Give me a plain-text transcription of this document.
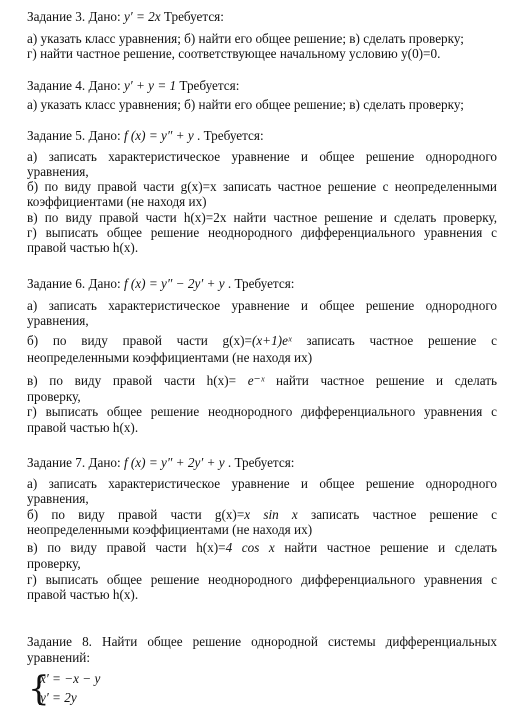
Задание 3. Дано: y′ = 2x Требуется:
а) указать класс уравнения; б) найти его общее решение; в) сделать проверку;
г) найти частное решение, соответствующее начальному условию y(0)=0.
Задание 4. Дано: y′ + y = 1 Требуется:
а) указать класс уравнения; б) найти его общее решение; в) сделать проверку;
Задание 5. Дано: f (x) = y″ + y . Требуется:
а) записать характеристическое уравнение и общее решение однородного
уравнения,
б) по виду правой части g(x)=x записать частное решение с неопределенными
коэффициентами (не находя их)
в) по виду правой части h(x)=2x найти частное решение и сделать проверку,
г) выписать общее решение неоднородного дифференциального уравнения с
правой частью h(x).
Задание 6. Дано: f (x) = y″ − 2y′ + y . Требуется:
а) записать характеристическое уравнение и общее решение однородного
уравнения,
б) по виду правой части g(x)=(x+1)eˣ записать частное решение с
неопределенными коэффициентами (не находя их)
в) по виду правой части h(x)= e⁻ˣ найти частное решение и сделать
проверку,
г) выписать общее решение неоднородного дифференциального уравнения с
правой частью h(x).
Задание 7. Дано: f (x) = y″ + 2y′ + y . Требуется:
а) записать характеристическое уравнение и общее решение однородного
уравнения,
б) по виду правой части g(x)=x sin x записать частное решение с
неопределенными коэффициентами (не находя их)
в) по виду правой части h(x)=4 cos x найти частное решение и сделать
проверку,
г) выписать общее решение неоднородного дифференциального уравнения с
правой частью h(x).
Задание 8. Найти общее решение однородной системы дифференциальных
уравнений:
{
x′ = −x − y
y′ = 2y
